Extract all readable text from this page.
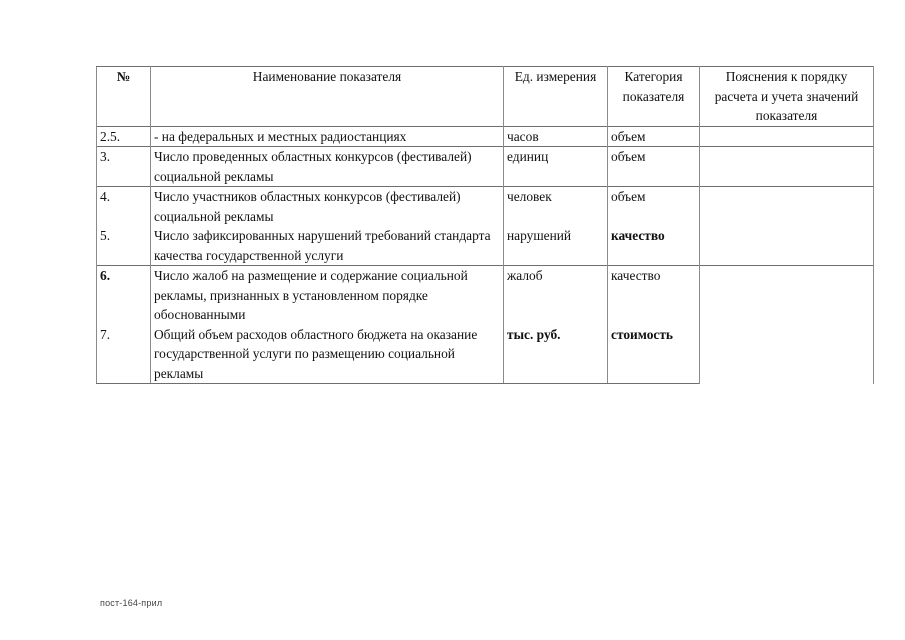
№	Наименование показателя	Ед. измерения	Категория показателя	Пояснения к порядку расчета и учета значений показателя
2.5.	- на федеральных и местных радиостанциях	часов	объем	
3.	Число проведенных областных конкурсов (фестивалей) социальной рекламы	единиц	объем	
4.	Число участников областных конкурсов (фестивалей) социальной рекламы	человек	объем	
5.	Число зафиксированных нарушений требований стандарта качества государственной услуги	нарушений	качество	
6.	Число жалоб на размещение и содержание социальной рекламы, признанных в установленном порядке обоснованными	жалоб	качество	
7.	Общий объем расходов областного бюджета на оказание государственной услуги по размещению социальной рекламы	тыс. руб.	стоимость	
пост-164-прил
